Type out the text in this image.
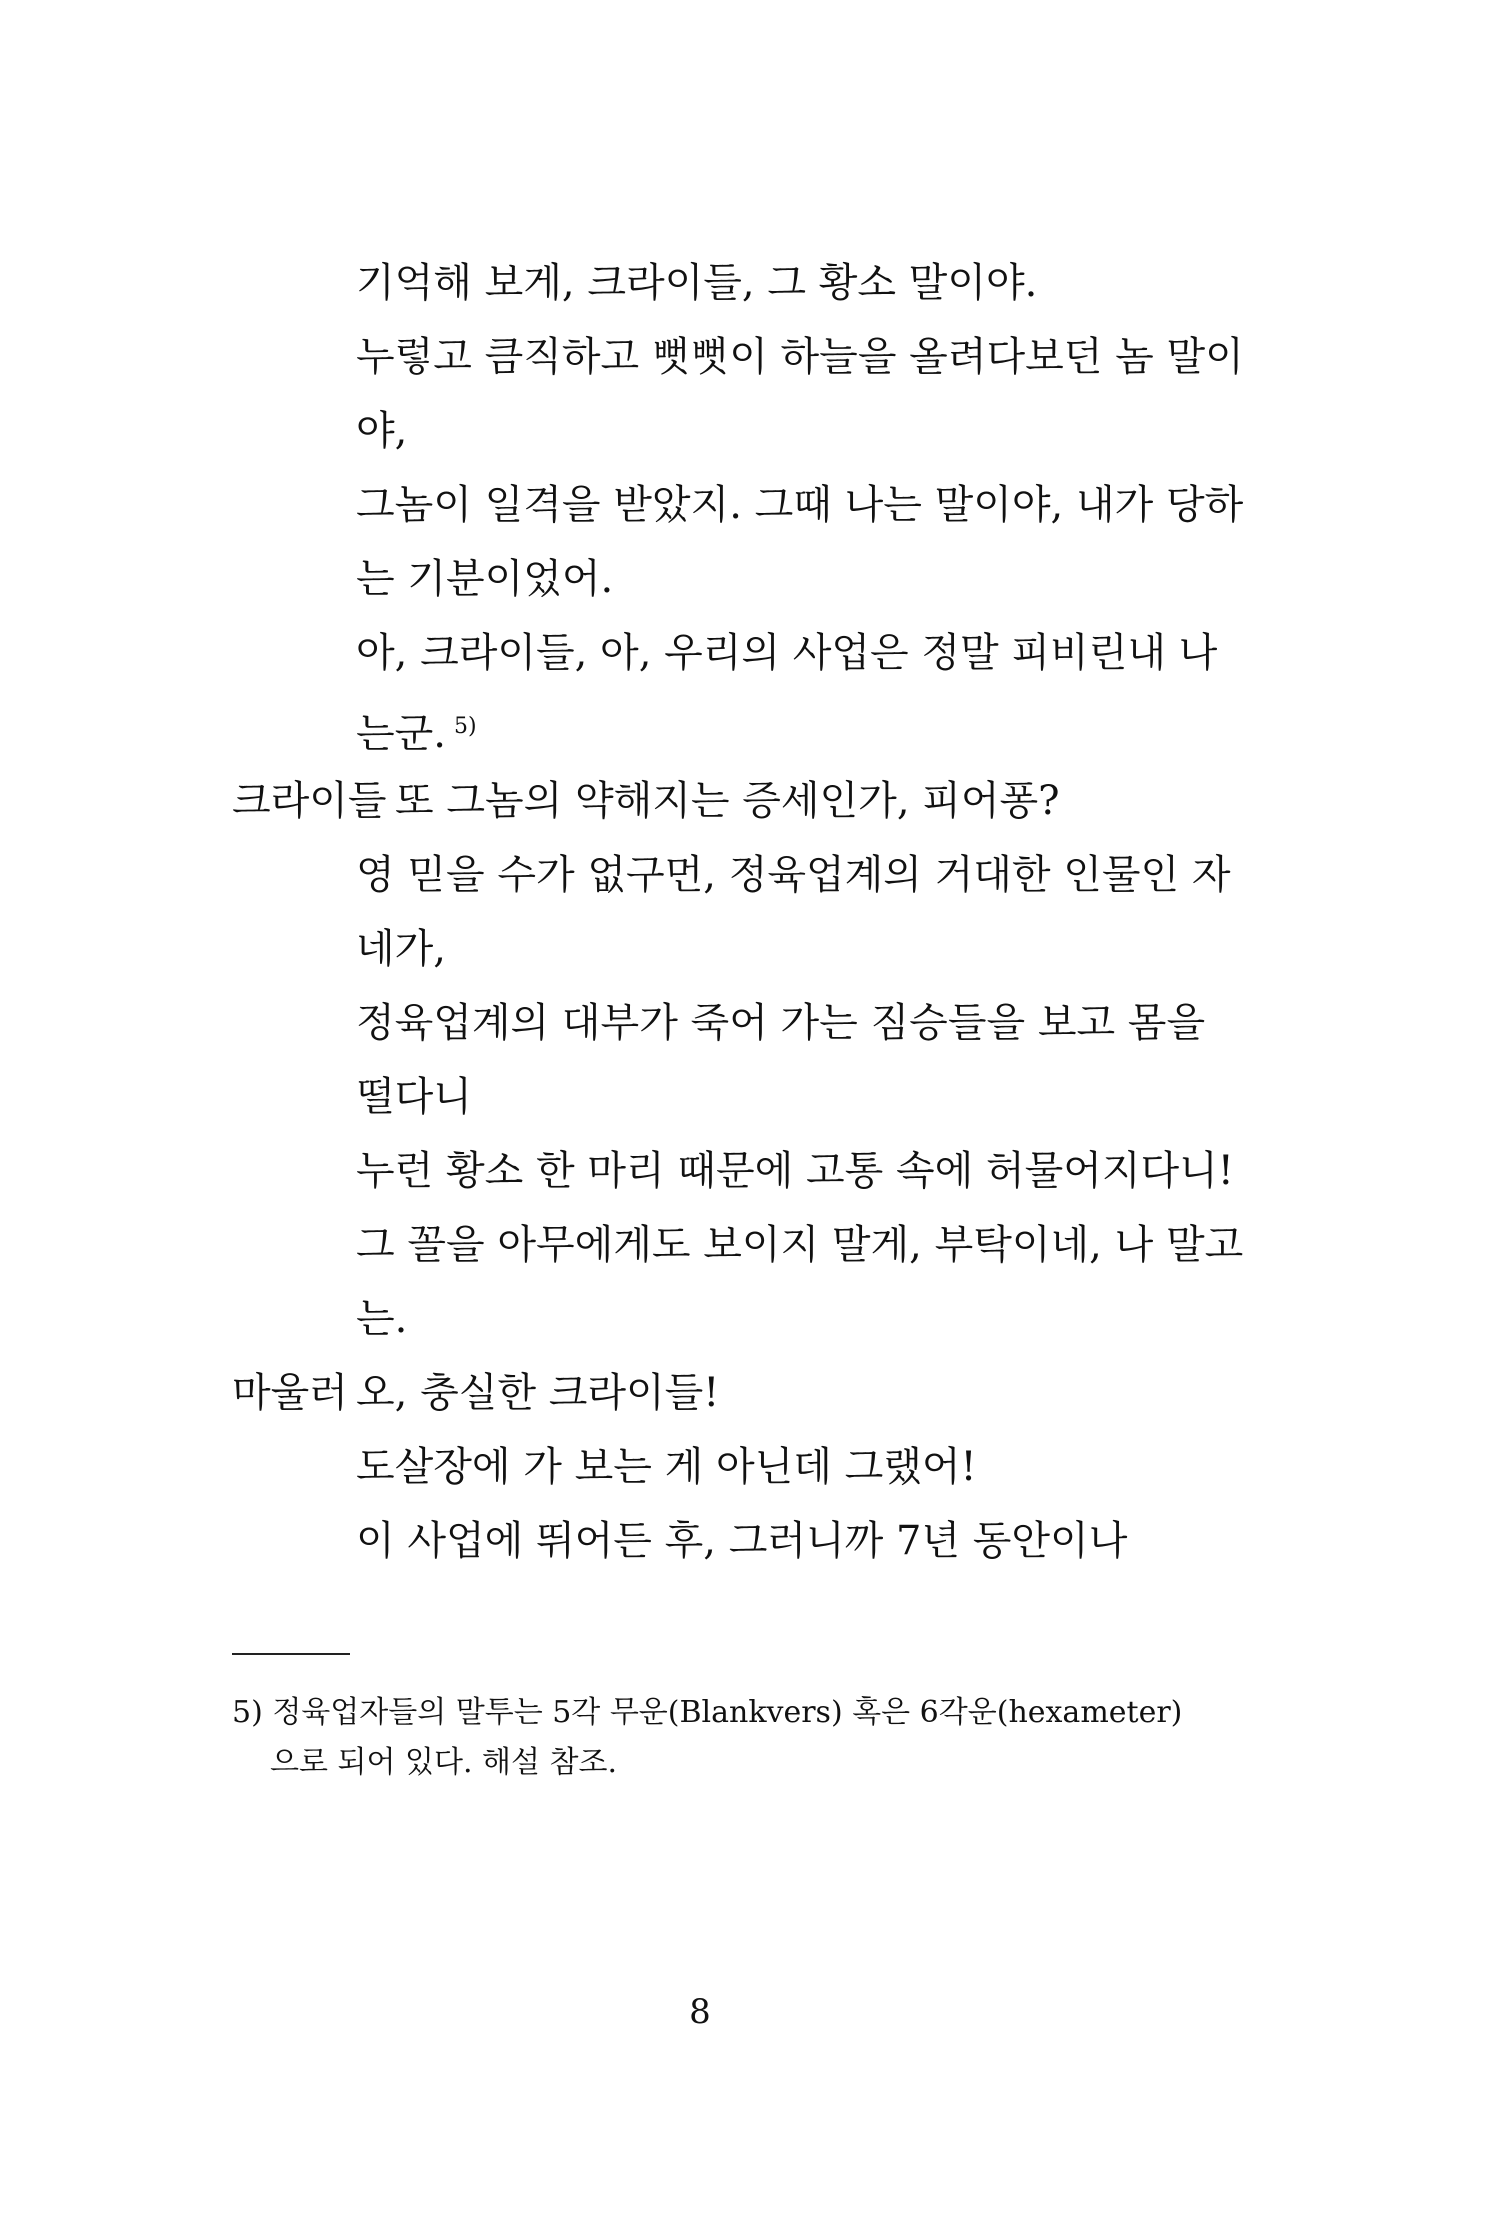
기억해 보게, 크라이들, 그 황소 말이야.
누렇고 큼직하고 뻣뻣이 하늘을 올려다보던 놈 말이
야,
그놈이 일격을 받았지. 그때 나는 말이야, 내가 당하
는 기분이었어.
아, 크라이들, 아, 우리의 사업은 정말 피비린내 나
는군. $^{5)}$
크라이들 또 그놈의 약해지는 증세인가, 피어퐁?
영 믿을 수가 없구먼, 정육업계의 거대한 인물인 자
네가,
정육업계의 대부가 죽어 가는 짐승들을 보고 몸을
떨다니
누런 황소 한 마리 때문에 고통 속에 허물어지다니!
그 꼴을 아무에게도 보이지 말게, 부탁이네, 나 말고
는.
마울러 오, 충실한 크라이들!
도살장에 가 보는 게 아닌데 그랬어!
이 사업에 뛰어든 후, 그러니까 7년 동안이나
5) 정육업자들의 말투는 5각 무운(Blankvers) 혹은 6각운(hexameter)
으로 되어 있다. 해설 참조.
8
